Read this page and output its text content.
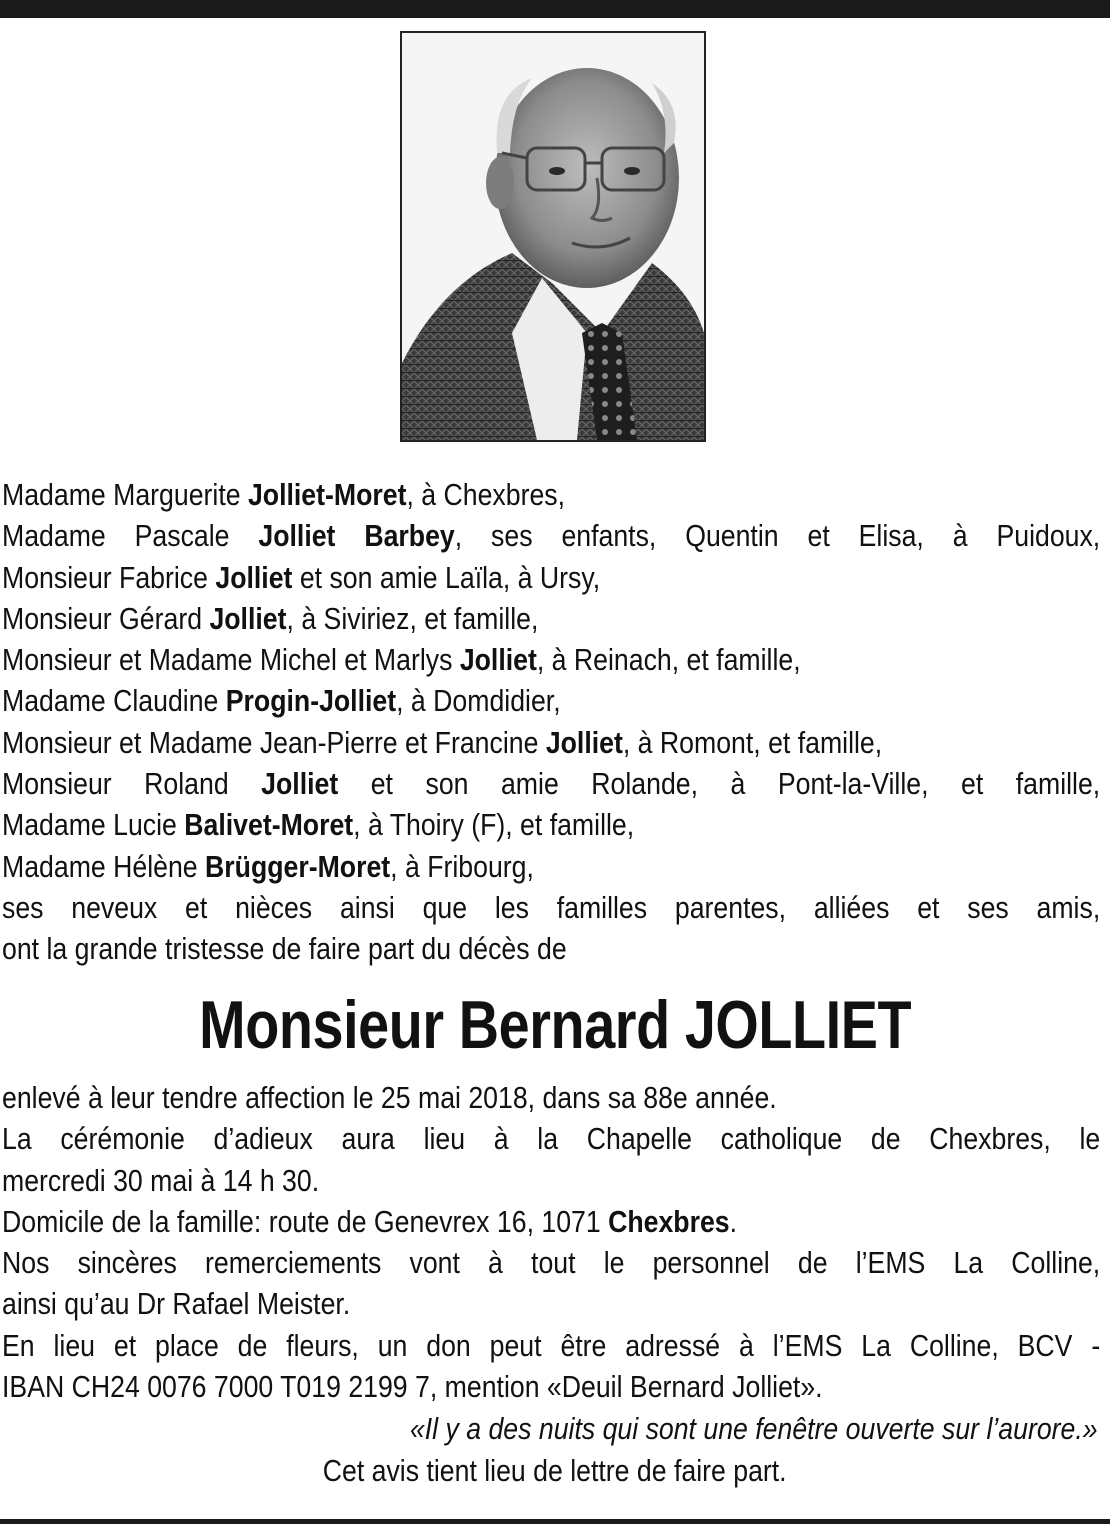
Madame Marguerite Jolliet-Moret, à Chexbres,
Madame Pascale Jolliet Barbey, ses enfants, Quentin et Elisa, à Puidoux,
Monsieur Fabrice Jolliet et son amie Laïla, à Ursy,
Monsieur Gérard Jolliet, à Siviriez, et famille,
Monsieur et Madame Michel et Marlys Jolliet, à Reinach, et famille,
Madame Claudine Progin-Jolliet, à Domdidier,
Monsieur et Madame Jean-Pierre et Francine Jolliet, à Romont, et famille,
Monsieur Roland Jolliet et son amie Rolande, à Pont-la-Ville, et famille,
Madame Lucie Balivet-Moret, à Thoiry (F), et famille,
Madame Hélène Brügger-Moret, à Fribourg,
ses neveux et nièces ainsi que les familles parentes, alliées et ses amis,
ont la grande tristesse de faire part du décès de
Monsieur Bernard JOLLIET
enlevé à leur tendre affection le 25 mai 2018, dans sa 88e année.
La cérémonie d’adieux aura lieu à la Chapelle catholique de Chexbres, le
mercredi 30 mai à 14 h 30.
Domicile de la famille: route de Genevrex 16, 1071 Chexbres.
Nos sincères remerciements vont à tout le personnel de l’EMS La Colline,
ainsi qu’au Dr Rafael Meister.
En lieu et place de fleurs, un don peut être adressé à l’EMS La Colline, BCV -
IBAN CH24 0076 7000 T019 2199 7, mention «Deuil Bernard Jolliet».
«Il y a des nuits qui sont une fenêtre ouverte sur l’aurore.»
Cet avis tient lieu de lettre de faire part.
